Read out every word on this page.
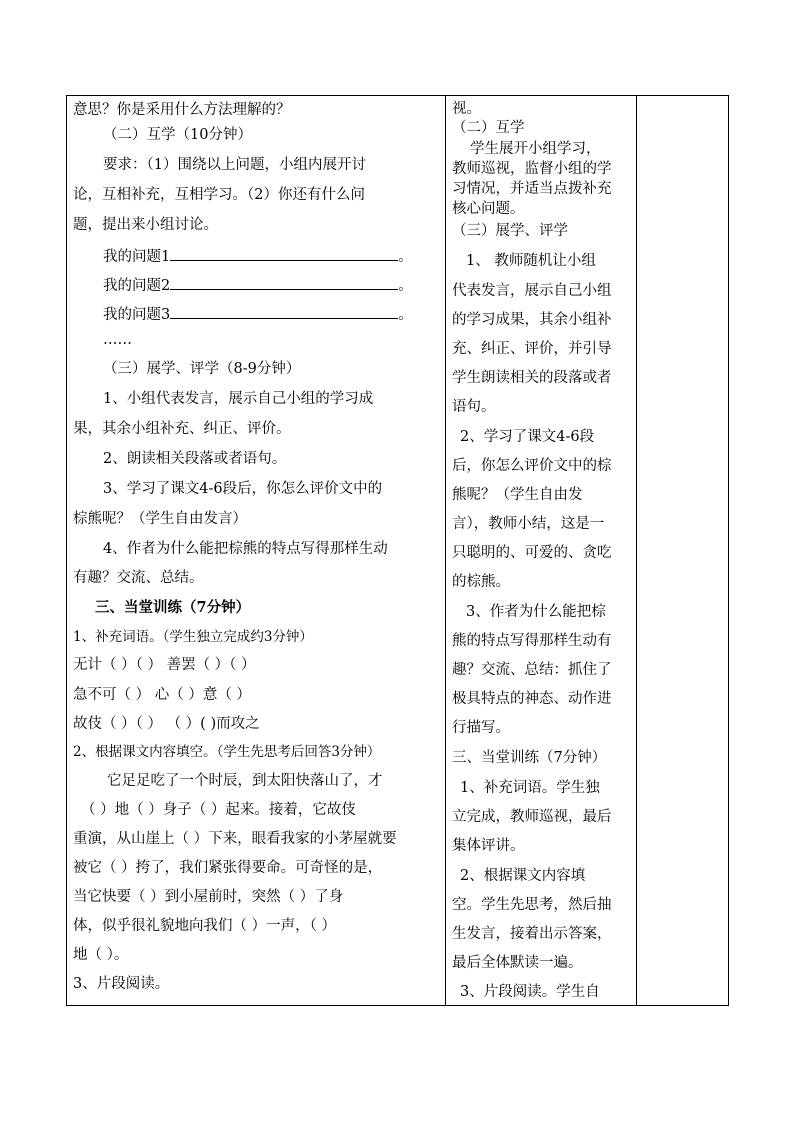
意思？你是采用什么方法理解的？
（二）互学（10分钟）
要求：（1）围绕以上问题，小组内展开讨
论，互相补充，互相学习。（2）你还有什么问
题，提出来小组讨论。
我的问题1	。
我的问题2	。
我的问题3	。
……
（三）展学、评学（8-9分钟）
1、小组代表发言，展示自己小组的学习成
果，其余小组补充、纠正、评价。
2、朗读相关段落或者语句。
3、学习了课文4-6段后，你怎么评价文中的
棕熊呢？（学生自由发言）
4、作者为什么能把棕熊的特点写得那样生动
有趣？交流、总结。
三、当堂训练（7分钟）
1、补充词语。（学生独立完成约3分钟）
无计（ ）（ ） 善罢（ ）（ ）
急不可（ ） 心（ ）意（ ）
故伎（ ）（ ） （ ）( )而攻之
2、根据课文内容填空。（学生先思考后回答3分钟）
它足足吃了一个时辰，到太阳快落山了，才
（ ）地（ ）身子（ ）起来。接着，它故伎
重演，从山崖上（ ）下来，眼看我家的小茅屋就要
被它（ ）挎了，我们紧张得要命。可奇怪的是，
当它快要（ ）到小屋前时，突然（ ）了身
体，似乎很礼貌地向我们（ ）一声，（ ）
地（ ）。
3、片段阅读。
视。
（二）互学
学生展开小组学习，
教师巡视，监督小组的学
习情况，并适当点拨补充
核心问题。
（三）展学、评学
1、 教师随机让小组
代表发言，展示自己小组
的学习成果，其余小组补
充、纠正、评价，并引导
学生朗读相关的段落或者
语句。
2、学习了课文4-6段
后，你怎么评价文中的棕
熊呢？（学生自由发
言），教师小结，这是一
只聪明的、可爱的、贪吃
的棕熊。
3、作者为什么能把棕
熊的特点写得那样生动有
趣？交流、总结：抓住了
极具特点的神态、动作进
行描写。
三、当堂训练（7分钟）
1、补充词语。学生独
立完成，教师巡视，最后
集体评讲。
2、根据课文内容填
空。学生先思考，然后抽
生发言，接着出示答案，
最后全体默读一遍。
3、片段阅读。学生自
